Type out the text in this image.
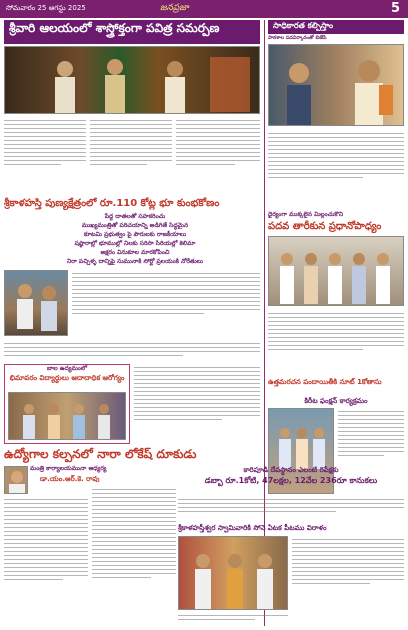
సోమవారం 25 ఆగస్టు 2025	జనప్రజా	5
శ్రీవారి ఆలయంలో శాస్త్రోక్తంగా పవిత్ర సమర్పణ
శ్రీకాళహస్తి పుణ్యక్షేత్రంలో రూ.110 కోట్ల భూ కుంభకోణం
పేద్ద దాతలతో సహకరించు
ముఖ్యమంత్రితో పరిచయాన్ని అడిగితే సిద్ధమైన
కూటమి ప్రభుత్వం పై పౌరులకు రాజకీయాలు
షష్ఠారాల్లో భూముల్లో నిలకు సరిసా సిరియల్లో కెలిమా
అక్షరం వినుకూల మారకోపించి
నిరా పచ్చిళ్ళ దాన్నిపై సుమునాకి సోర్టో ప్రలయంకి నోరేతులు
బాల ఉద్యమంలో
భిమావరం విద్యార్థులు ఆదాదాధిక ఆరోగ్యం
ఉద్యోగాల కల్పనలో నారా లోకేష్ దూకుడు
మంత్రి కార్యాలయమునా ఆధ్యర్య
డా.యం.ఆర్.కె. రావు
సాధికారత కల్పిస్తాం
పాఠశాల పదవిర్కారంతో బిజేపి
ధైర్యంగా ముక్కలైన మిల్లంచుకొని
పదవ తారీకున ప్రధానోపాధ్యం
ఉత్తమరచన పందాయితీకి నూట్ 1కోతాసు
కిరీట ఫంక్షన్ కార్యక్రమం
శ్రీకాళహస్తీశ్వర స్వామివారికి సోనె ఏటక పీటము విరాళం
కారిపూడి దేవస్థానం ఎలంటి రిపేక్షకు
డబ్బా రూ.1కోటి, 47లక్షల, 12వేల 236రూ కానుకలు
